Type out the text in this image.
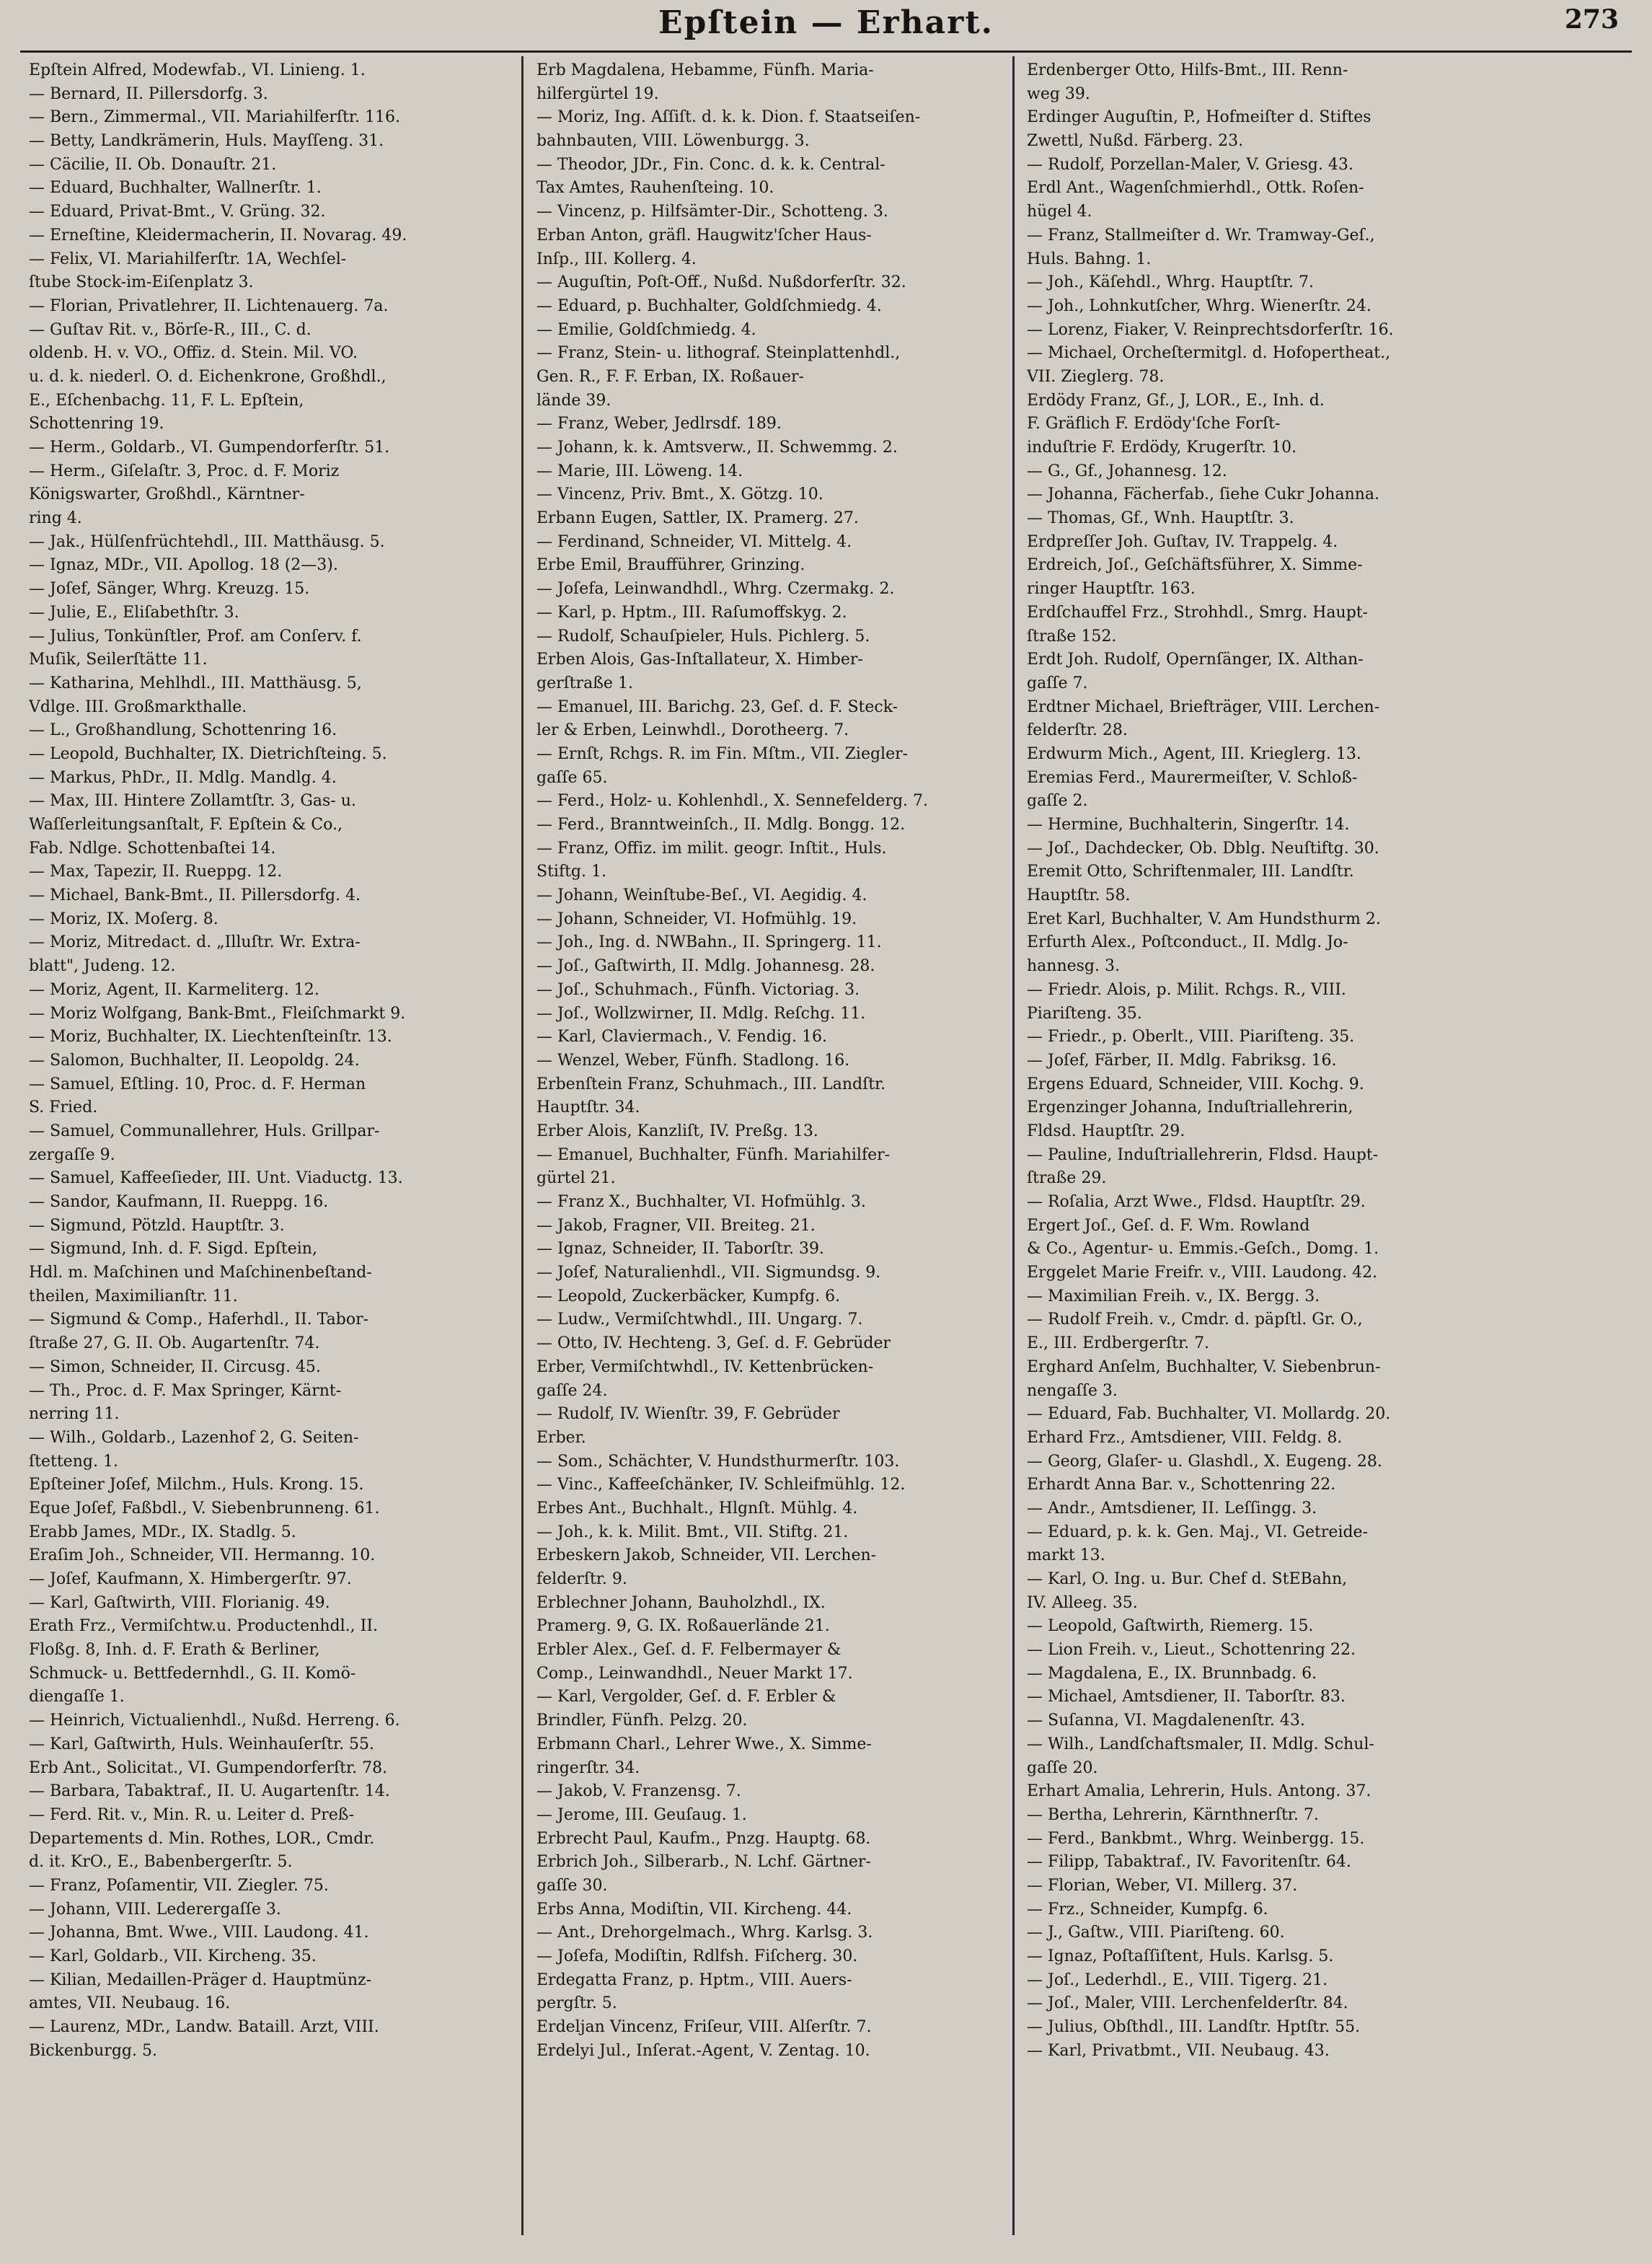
Epſtein — Erhart.	273
Epſtein Alfred, Modewfab., VI. Linieng. 1.
— Bernard, II. Pillersdorfg. 3.
— Bern., Zimmermal., VII. Mariahilferſtr. 116.
— Betty, Landkrämerin, Huls. Mayſſeng. 31.
— Cäcilie, II. Ob. Donauſtr. 21.
— Eduard, Buchhalter, Wallnerſtr. 1.
— Eduard, Privat-Bmt., V. Grüng. 32.
— Erneſtine, Kleidermacherin, II. Novarag. 49.
— Felix, VI. Mariahilferſtr. 1A, Wechſel-
ſtube Stock-im-Eiſenplatz 3.
— Florian, Privatlehrer, II. Lichtenauerg. 7a.
— Guſtav Rit. v., Börſe-R., III., C. d.
oldenb. H. v. VO., Offiz. d. Stein. Mil. VO.
u. d. k. niederl. O. d. Eichenkrone, Großhdl.,
E., Eſchenbachg. 11, F. L. Epſtein,
Schottenring 19.
— Herm., Goldarb., VI. Gumpendorferſtr. 51.
— Herm., Giſelaſtr. 3, Proc. d. F. Moriz
Königswarter, Großhdl., Kärntner-
ring 4.
— Jak., Hülſenfrüchtehdl., III. Matthäusg. 5.
— Ignaz, MDr., VII. Apollog. 18 (2—3).
— Joſef, Sänger, Whrg. Kreuzg. 15.
— Julie, E., Eliſabethſtr. 3.
— Julius, Tonkünſtler, Prof. am Conſerv. f.
Muſik, Seilerſtätte 11.
— Katharina, Mehlhdl., III. Matthäusg. 5,
Vdlge. III. Großmarkthalle.
— L., Großhandlung, Schottenring 16.
— Leopold, Buchhalter, IX. Dietrichſteing. 5.
— Markus, PhDr., II. Mdlg. Mandlg. 4.
— Max, III. Hintere Zollamtſtr. 3, Gas- u.
Waſſerleitungsanſtalt, F. Epſtein & Co.,
Fab. Ndlge. Schottenbaſtei 14.
— Max, Tapezir, II. Rueppg. 12.
— Michael, Bank-Bmt., II. Pillersdorfg. 4.
— Moriz, IX. Moſerg. 8.
— Moriz, Mitredact. d. „Illuſtr. Wr. Extra-
blatt", Judeng. 12.
— Moriz, Agent, II. Karmeliterg. 12.
— Moriz Wolfgang, Bank-Bmt., Fleiſchmarkt 9.
— Moriz, Buchhalter, IX. Liechtenſteinſtr. 13.
— Salomon, Buchhalter, II. Leopoldg. 24.
— Samuel, Eſtling. 10, Proc. d. F. Herman
S. Fried.
— Samuel, Communallehrer, Huls. Grillpar-
zergaſſe 9.
— Samuel, Kaffeeſieder, III. Unt. Viaductg. 13.
— Sandor, Kaufmann, II. Rueppg. 16.
— Sigmund, Pötzld. Hauptſtr. 3.
— Sigmund, Inh. d. F. Sigd. Epſtein,
Hdl. m. Maſchinen und Maſchinenbeſtand-
theilen, Maximilianſtr. 11.
— Sigmund & Comp., Haferhdl., II. Tabor-
ſtraße 27, G. II. Ob. Augartenſtr. 74.
— Simon, Schneider, II. Circusg. 45.
— Th., Proc. d. F. Max Springer, Kärnt-
nerring 11.
— Wilh., Goldarb., Lazenhof 2, G. Seiten-
ſtetteng. 1.
Epſteiner Joſef, Milchm., Huls. Krong. 15.
Eque Joſef, Faßbdl., V. Siebenbrunneng. 61.
Erabb James, MDr., IX. Stadlg. 5.
Eraſim Joh., Schneider, VII. Hermanng. 10.
— Joſef, Kaufmann, X. Himbergerſtr. 97.
— Karl, Gaſtwirth, VIII. Florianig. 49.
Erath Frz., Vermiſchtw.u. Productenhdl., II.
Floßg. 8, Inh. d. F. Erath & Berliner,
Schmuck- u. Bettfedernhdl., G. II. Komö-
diengaſſe 1.
— Heinrich, Victualienhdl., Nußd. Herreng. 6.
— Karl, Gaſtwirth, Huls. Weinhauſerſtr. 55.
Erb Ant., Solicitat., VI. Gumpendorferſtr. 78.
— Barbara, Tabaktraf., II. U. Augartenſtr. 14.
— Ferd. Rit. v., Min. R. u. Leiter d. Preß-
Departements d. Min. Rothes, LOR., Cmdr.
d. it. KrO., E., Babenbergerſtr. 5.
— Franz, Poſamentir, VII. Ziegler. 75.
— Johann, VIII. Lederergaſſe 3.
— Johanna, Bmt. Wwe., VIII. Laudong. 41.
— Karl, Goldarb., VII. Kircheng. 35.
— Kilian, Medaillen-Präger d. Hauptmünz-
amtes, VII. Neubaug. 16.
— Laurenz, MDr., Landw. Bataill. Arzt, VIII.
Bickenburgg. 5.
Erb Magdalena, Hebamme, Fünfh. Maria-
hilfergürtel 19.
— Moriz, Ing. Aſſiſt. d. k. k. Dion. f. Staatseiſen-
bahnbauten, VIII. Löwenburgg. 3.
— Theodor, JDr., Fin. Conc. d. k. k. Central-
Tax Amtes, Rauhenſteing. 10.
— Vincenz, p. Hilfsämter-Dir., Schotteng. 3.
Erban Anton, gräfl. Haugwitz'ſcher Haus-
Inſp., III. Kollerg. 4.
— Auguſtin, Poſt-Off., Nußd. Nußdorferſtr. 32.
— Eduard, p. Buchhalter, Goldſchmiedg. 4.
— Emilie, Goldſchmiedg. 4.
— Franz, Stein- u. lithograf. Steinplattenhdl.,
Gen. R., F. F. Erban, IX. Roßauer-
lände 39.
— Franz, Weber, Jedlrsdf. 189.
— Johann, k. k. Amtsverw., II. Schwemmg. 2.
— Marie, III. Löweng. 14.
— Vincenz, Priv. Bmt., X. Götzg. 10.
Erbann Eugen, Sattler, IX. Pramerg. 27.
— Ferdinand, Schneider, VI. Mittelg. 4.
Erbe Emil, Braufführer, Grinzing.
— Joſefa, Leinwandhdl., Whrg. Czermakg. 2.
— Karl, p. Hptm., III. Raſumoffskyg. 2.
— Rudolf, Schauſpieler, Huls. Pichlerg. 5.
Erben Alois, Gas-Inſtallateur, X. Himber-
gerſtraße 1.
— Emanuel, III. Barichg. 23, Geſ. d. F. Steck-
ler & Erben, Leinwhdl., Dorotheerg. 7.
— Ernſt, Rchgs. R. im Fin. Mſtm., VII. Ziegler-
gaſſe 65.
— Ferd., Holz- u. Kohlenhdl., X. Sennefelderg. 7.
— Ferd., Branntweinſch., II. Mdlg. Bongg. 12.
— Franz, Offiz. im milit. geogr. Inſtit., Huls.
Stiftg. 1.
— Johann, Weinſtube-Beſ., VI. Aegidig. 4.
— Johann, Schneider, VI. Hofmühlg. 19.
— Joh., Ing. d. NWBahn., II. Springerg. 11.
— Joſ., Gaſtwirth, II. Mdlg. Johannesg. 28.
— Joſ., Schuhmach., Fünfh. Victoriag. 3.
— Joſ., Wollzwirner, II. Mdlg. Reſchg. 11.
— Karl, Claviermach., V. Fendig. 16.
— Wenzel, Weber, Fünfh. Stadlong. 16.
Erbenſtein Franz, Schuhmach., III. Landſtr.
Hauptſtr. 34.
Erber Alois, Kanzliſt, IV. Preßg. 13.
— Emanuel, Buchhalter, Fünfh. Mariahilfer-
gürtel 21.
— Franz X., Buchhalter, VI. Hofmühlg. 3.
— Jakob, Fragner, VII. Breiteg. 21.
— Ignaz, Schneider, II. Taborſtr. 39.
— Joſef, Naturalienhdl., VII. Sigmundsg. 9.
— Leopold, Zuckerbäcker, Kumpfg. 6.
— Ludw., Vermiſchtwhdl., III. Ungarg. 7.
— Otto, IV. Hechteng. 3, Geſ. d. F. Gebrüder
Erber, Vermiſchtwhdl., IV. Kettenbrücken-
gaſſe 24.
— Rudolf, IV. Wienſtr. 39, F. Gebrüder
Erber.
— Som., Schächter, V. Hundsthurmerſtr. 103.
— Vinc., Kaffeeſchänker, IV. Schleifmühlg. 12.
Erbes Ant., Buchhalt., Hlgnſt. Mühlg. 4.
— Joh., k. k. Milit. Bmt., VII. Stiftg. 21.
Erbeskern Jakob, Schneider, VII. Lerchen-
felderſtr. 9.
Erblechner Johann, Bauholzhdl., IX.
Pramerg. 9, G. IX. Roßauerlände 21.
Erbler Alex., Geſ. d. F. Felbermayer &
Comp., Leinwandhdl., Neuer Markt 17.
— Karl, Vergolder, Geſ. d. F. Erbler &
Brindler, Fünfh. Pelzg. 20.
Erbmann Charl., Lehrer Wwe., X. Simme-
ringerſtr. 34.
— Jakob, V. Franzensg. 7.
— Jerome, III. Geuſaug. 1.
Erbrecht Paul, Kaufm., Pnzg. Hauptg. 68.
Erbrich Joh., Silberarb., N. Lchf. Gärtner-
gaſſe 30.
Erbs Anna, Modiſtin, VII. Kircheng. 44.
— Ant., Drehorgelmach., Whrg. Karlsg. 3.
— Joſefa, Modiſtin, Rdlfsh. Fiſcherg. 30.
Erdegatta Franz, p. Hptm., VIII. Auers-
pergſtr. 5.
Erdeljan Vincenz, Friſeur, VIII. Alſerſtr. 7.
Erdelyi Jul., Inſerat.-Agent, V. Zentag. 10.
Erdenberger Otto, Hilfs-Bmt., III. Renn-
weg 39.
Erdinger Auguſtin, P., Hofmeiſter d. Stiftes
Zwettl, Nußd. Färberg. 23.
— Rudolf, Porzellan-Maler, V. Griesg. 43.
Erdl Ant., Wagenſchmierhdl., Ottk. Roſen-
hügel 4.
— Franz, Stallmeiſter d. Wr. Tramway-Geſ.,
Huls. Bahng. 1.
— Joh., Käſehdl., Whrg. Hauptſtr. 7.
— Joh., Lohnkutſcher, Whrg. Wienerſtr. 24.
— Lorenz, Fiaker, V. Reinprechtsdorferſtr. 16.
— Michael, Orcheſtermitgl. d. Hofopertheat.,
VII. Zieglerg. 78.
Erdödy Franz, Gf., J, LOR., E., Inh. d.
F. Gräflich F. Erdödy'ſche Forſt-
induſtrie F. Erdödy, Krugerſtr. 10.
— G., Gf., Johannesg. 12.
— Johanna, Fächerfab., ſiehe Cukr Johanna.
— Thomas, Gf., Wnh. Hauptſtr. 3.
Erdpreſſer Joh. Guſtav, IV. Trappelg. 4.
Erdreich, Joſ., Geſchäftsführer, X. Simme-
ringer Hauptſtr. 163.
Erdſchauffel Frz., Strohhdl., Smrg. Haupt-
ſtraße 152.
Erdt Joh. Rudolf, Opernſänger, IX. Althan-
gaſſe 7.
Erdtner Michael, Briefträger, VIII. Lerchen-
felderſtr. 28.
Erdwurm Mich., Agent, III. Krieglerg. 13.
Eremias Ferd., Maurermeiſter, V. Schloß-
gaſſe 2.
— Hermine, Buchhalterin, Singerſtr. 14.
— Joſ., Dachdecker, Ob. Dblg. Neuſtiftg. 30.
Eremit Otto, Schriftenmaler, III. Landſtr.
Hauptſtr. 58.
Eret Karl, Buchhalter, V. Am Hundsthurm 2.
Erfurth Alex., Poſtconduct., II. Mdlg. Jo-
hannesg. 3.
— Friedr. Alois, p. Milit. Rchgs. R., VIII.
Piariſteng. 35.
— Friedr., p. Oberlt., VIII. Piariſteng. 35.
— Joſef, Färber, II. Mdlg. Fabriksg. 16.
Ergens Eduard, Schneider, VIII. Kochg. 9.
Ergenzinger Johanna, Induſtriallehrerin,
Fldsd. Hauptſtr. 29.
— Pauline, Induſtriallehrerin, Fldsd. Haupt-
ſtraße 29.
— Roſalia, Arzt Wwe., Fldsd. Hauptſtr. 29.
Ergert Joſ., Geſ. d. F. Wm. Rowland
& Co., Agentur- u. Emmis.-Geſch., Domg. 1.
Erggelet Marie Freifr. v., VIII. Laudong. 42.
— Maximilian Freih. v., IX. Bergg. 3.
— Rudolf Freih. v., Cmdr. d. päpſtl. Gr. O.,
E., III. Erdbergerſtr. 7.
Erghard Anſelm, Buchhalter, V. Siebenbrun-
nengaſſe 3.
— Eduard, Fab. Buchhalter, VI. Mollardg. 20.
Erhard Frz., Amtsdiener, VIII. Feldg. 8.
— Georg, Glaſer- u. Glashdl., X. Eugeng. 28.
Erhardt Anna Bar. v., Schottenring 22.
— Andr., Amtsdiener, II. Leſſingg. 3.
— Eduard, p. k. k. Gen. Maj., VI. Getreide-
markt 13.
— Karl, O. Ing. u. Bur. Chef d. StEBahn,
IV. Alleeg. 35.
— Leopold, Gaſtwirth, Riemerg. 15.
— Lion Freih. v., Lieut., Schottenring 22.
— Magdalena, E., IX. Brunnbadg. 6.
— Michael, Amtsdiener, II. Taborſtr. 83.
— Suſanna, VI. Magdalenenſtr. 43.
— Wilh., Landſchaftsmaler, II. Mdlg. Schul-
gaſſe 20.
Erhart Amalia, Lehrerin, Huls. Antong. 37.
— Bertha, Lehrerin, Kärnthnerſtr. 7.
— Ferd., Bankbmt., Whrg. Weinbergg. 15.
— Filipp, Tabaktraf., IV. Favoritenſtr. 64.
— Florian, Weber, VI. Millerg. 37.
— Frz., Schneider, Kumpfg. 6.
— J., Gaſtw., VIII. Piariſteng. 60.
— Ignaz, Poſtaſſiſtent, Huls. Karlsg. 5.
— Joſ., Lederhdl., E., VIII. Tigerg. 21.
— Joſ., Maler, VIII. Lerchenfelderſtr. 84.
— Julius, Obſthdl., III. Landſtr. Hptſtr. 55.
— Karl, Privatbmt., VII. Neubaug. 43.
